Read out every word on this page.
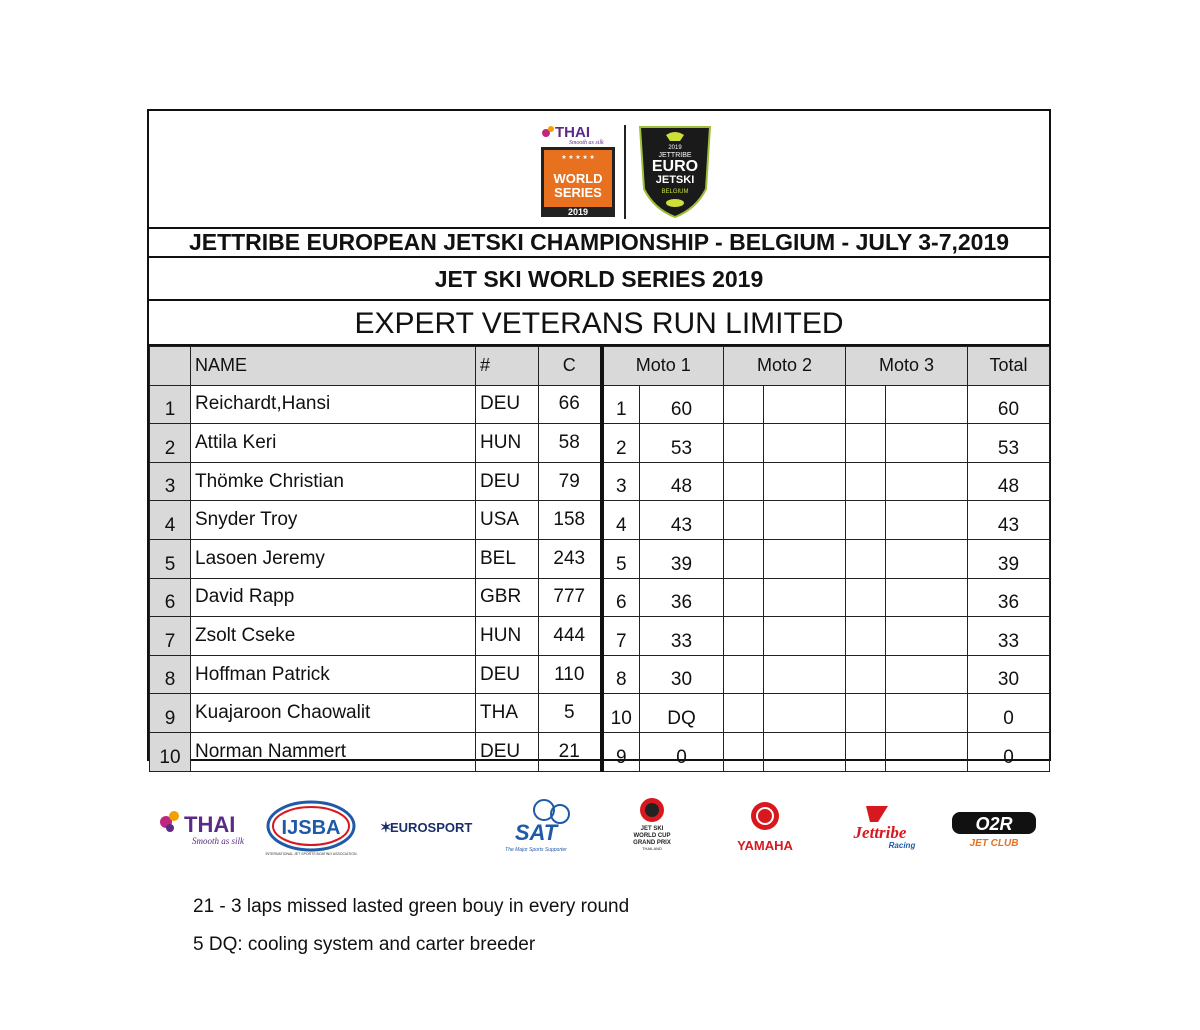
THAI
Smooth as silk
★ ★ ★ ★ ★
WORLD
SERIES
2019
2019
JETTRIBE
EURO
JETSKI
BELGIUM
JETTRIBE EUROPEAN JETSKI CHAMPIONSHIP - BELGIUM - JULY 3-7,2019
JET SKI WORLD SERIES 2019
EXPERT VETERANS RUN LIMITED
	NAME	#	C	Moto 1		Moto 2		Moto 3		Total
1	Reichardt,Hansi	DEU	66	1	60					60
2	Attila Keri	HUN	58	2	53					53
3	Thömke Christian	DEU	79	3	48					48
4	Snyder Troy	USA	158	4	43					43
5	Lasoen Jeremy	BEL	243	5	39					39
6	David Rapp	GBR	777	6	36					36
7	Zsolt Cseke	HUN	444	7	33					33
8	Hoffman Patrick	DEU	110	8	30					30
9	Kuajaroon Chaowalit	THA	5	10	DQ					0
10	Norman Nammert	DEU	21	9	0					0
THAI
Smooth as silk
IJSBA
INTERNATIONAL JET SPORTS BOATING ASSOCIATION
✶
EUROSPORT SAT
The Major Sports Supporter
JET SKI
WORLD CUP
GRAND PRIX
THAILAND	YAMAHA
Jettribe
Racing
O2R
JET CLUB
21 - 3 laps missed lasted green bouy in every round
5 DQ: cooling system and carter breeder
